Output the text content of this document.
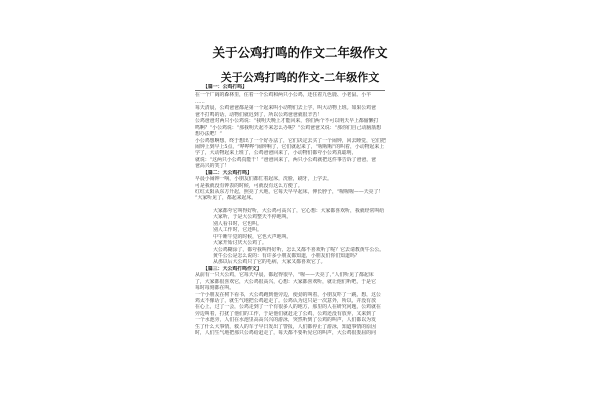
关于公鸡打鸣的作文二年级作文
关于公鸡打鸣的作文-二年级作文
【篇一：公鸡打鸣】
在一个广阔的森林里，住着一个公鸡和两只小公鸡，还住着九色鹿、小老鼠、小羊
……
每天清晨，公鸡爸爸都是第一个起来叫小动物们去上学，叫大动物上班。如果公鸡爸
爸不打鸣的话，动物们就迟到了，所以公鸡爸爸就很辛苦！
公鸡爸爸对两只小公鸡说：“我明天晚上才能回来，你们两个不可以明天早上都偷懒打
鸣啊？”小公鸡说：“那我明天起不来怎么办呢？”公鸡爸爸又说：“那你们自己动脑筋想
想办法吧！”
小公鸡想啊想，终于想出了一个好办法了，它们决定去买了一个闹钟，回去睡觉，它们把
闹钟上到早上5点，“哗哗哗”闹钟响了，它们就起来了，“喔喔喔”的叫着，小动物起来上
学了，大动物起来上班了，公鸡爸爸回来了，小动物们都夸小公鸡真聪明，
就说：“这两只小公鸡真能干！”爸爸回来了，两只小公鸡就把这件事告诉了爸爸，爸
爸高兴的笑了！
【篇二：大公鸡打鸣】
早晨小闹钟一响，小朋友们都忙着起床，洗脸，刷牙，上学去。
可是我就没有钟表的时候，可就没有这么方便了。
红红太阳从东方升起，照亮了大地，它每天早早起床，伸长脖子，“喔喔喔——天亮了！
”大家听见了，都起来起床。
大家都夸它叫得好听，大公鸡可高兴了，它心想：大家都喜欢听，我就经常叫给
大家听，于是大公鸡整天不停地叫。
别人看书时，它也叫。
别人工作时，它还叫。
中午睡午觉的时候，它也大声地叫。
大家开始讨厌大公鸡了。
大公鸡糊涂了，都夸我叫得好听，怎么又都不喜欢听了呢？它去请教黄牛公公。
黄牛公公是怎么说的：有许多小朋友都知道，小朋友们你们知道吗？
从那以后大公鸡只了它的毛病，大家又都喜欢它了。
【篇三：大公鸡打鸣作文】
从前有一只大公鸡，它每天早晨，都起得很早，“喔——天亮了，”人们听见了都起床
了，大家都很喜欢它，大公鸡很高兴，心想：大家都喜欢听，就让他们听吧，于是它
每时每刻都在叫。
一个小朋友在树下看书，大公鸡跑到他旁边，使劲的叫着，小朋友吓了一跳，想，这公
鸡太不像话了，就生气地把公鸡赶走了。公鸡认为这只是一次意外，所以，并没有放
在心上，过了一会，公鸡走到了一个有很多人的地方，那里的人在研究问题，公鸡就在
旁边叫着，打扰了他们的工作，于是他们就赶走了公鸡，公鸡还没有放弃，又来到了
一个水池旁，人们在水池里高高兴兴的游泳，突然听到了公鸡的叫声，人们都以为发
生了什么大事情，救人的车子早日发出了警报，人们都停止了游泳，知道事情的原因
时，人们生气地把那只公鸡给赶走了，每天都不要听见它的叫声，大公鸡很委屈的问
